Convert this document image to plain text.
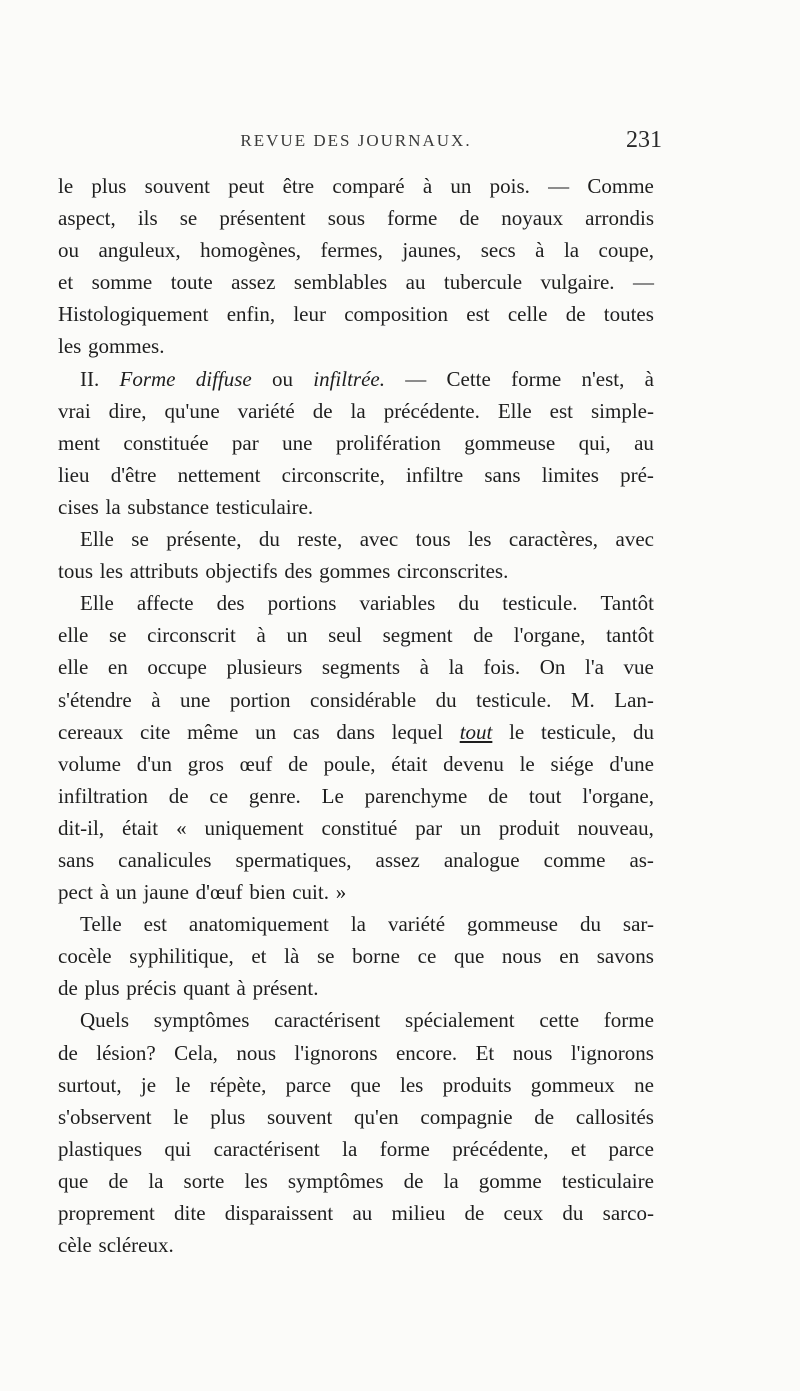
REVUE DES JOURNAUX.	231
le plus souvent peut être comparé à un pois. — Comme
aspect, ils se présentent sous forme de noyaux arrondis
ou anguleux, homogènes, fermes, jaunes, secs à la coupe,
et somme toute assez semblables au tubercule vulgaire. —
Histologiquement enfin, leur composition est celle de toutes
les gommes.
II. Forme diffuse ou infiltrée. — Cette forme n'est, à
vrai dire, qu'une variété de la précédente. Elle est simple-
ment constituée par une prolifération gommeuse qui, au
lieu d'être nettement circonscrite, infiltre sans limites pré-
cises la substance testiculaire.
Elle se présente, du reste, avec tous les caractères, avec
tous les attributs objectifs des gommes circonscrites.
Elle affecte des portions variables du testicule. Tantôt
elle se circonscrit à un seul segment de l'organe, tantôt
elle en occupe plusieurs segments à la fois. On l'a vue
s'étendre à une portion considérable du testicule. M. Lan-
cereaux cite même un cas dans lequel tout le testicule, du
volume d'un gros œuf de poule, était devenu le siége d'une
infiltration de ce genre. Le parenchyme de tout l'organe,
dit-il, était « uniquement constitué par un produit nouveau,
sans canalicules spermatiques, assez analogue comme as-
pect à un jaune d'œuf bien cuit. »
Telle est anatomiquement la variété gommeuse du sar-
cocèle syphilitique, et là se borne ce que nous en savons
de plus précis quant à présent.
Quels symptômes caractérisent spécialement cette forme
de lésion? Cela, nous l'ignorons encore. Et nous l'ignorons
surtout, je le répète, parce que les produits gommeux ne
s'observent le plus souvent qu'en compagnie de callosités
plastiques qui caractérisent la forme précédente, et parce
que de la sorte les symptômes de la gomme testiculaire
proprement dite disparaissent au milieu de ceux du sarco-
cèle scléreux.
